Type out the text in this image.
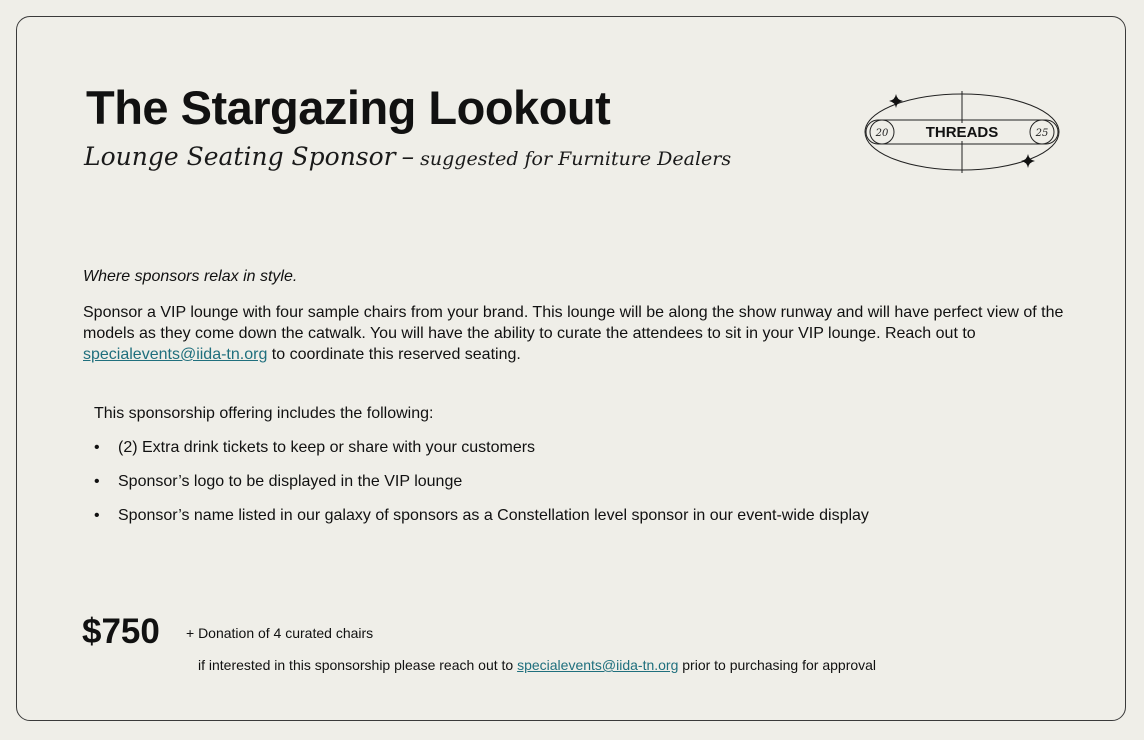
The Stargazing Lookout
Lounge Seating Sponsor – suggested for Furniture Dealers
20 THREADS	25
Where sponsors relax in style.
Sponsor a VIP lounge with four sample chairs from your brand. This lounge will be along the show runway and will have perfect view of the models as they come down the catwalk. You will have the ability to curate the attendees to sit in your VIP lounge. Reach out to specialevents@iida-tn.org to coordinate this reserved seating.
This sponsorship offering includes the following:
• (2) Extra drink tickets to keep or share with your customers
• Sponsor’s logo to be displayed in the VIP lounge
• Sponsor’s name listed in our galaxy of sponsors as a Constellation level sponsor in our event-wide display
$750 + Donation of 4 curated chairs
if interested in this sponsorship please reach out to specialevents@iida-tn.org prior to purchasing for approval
